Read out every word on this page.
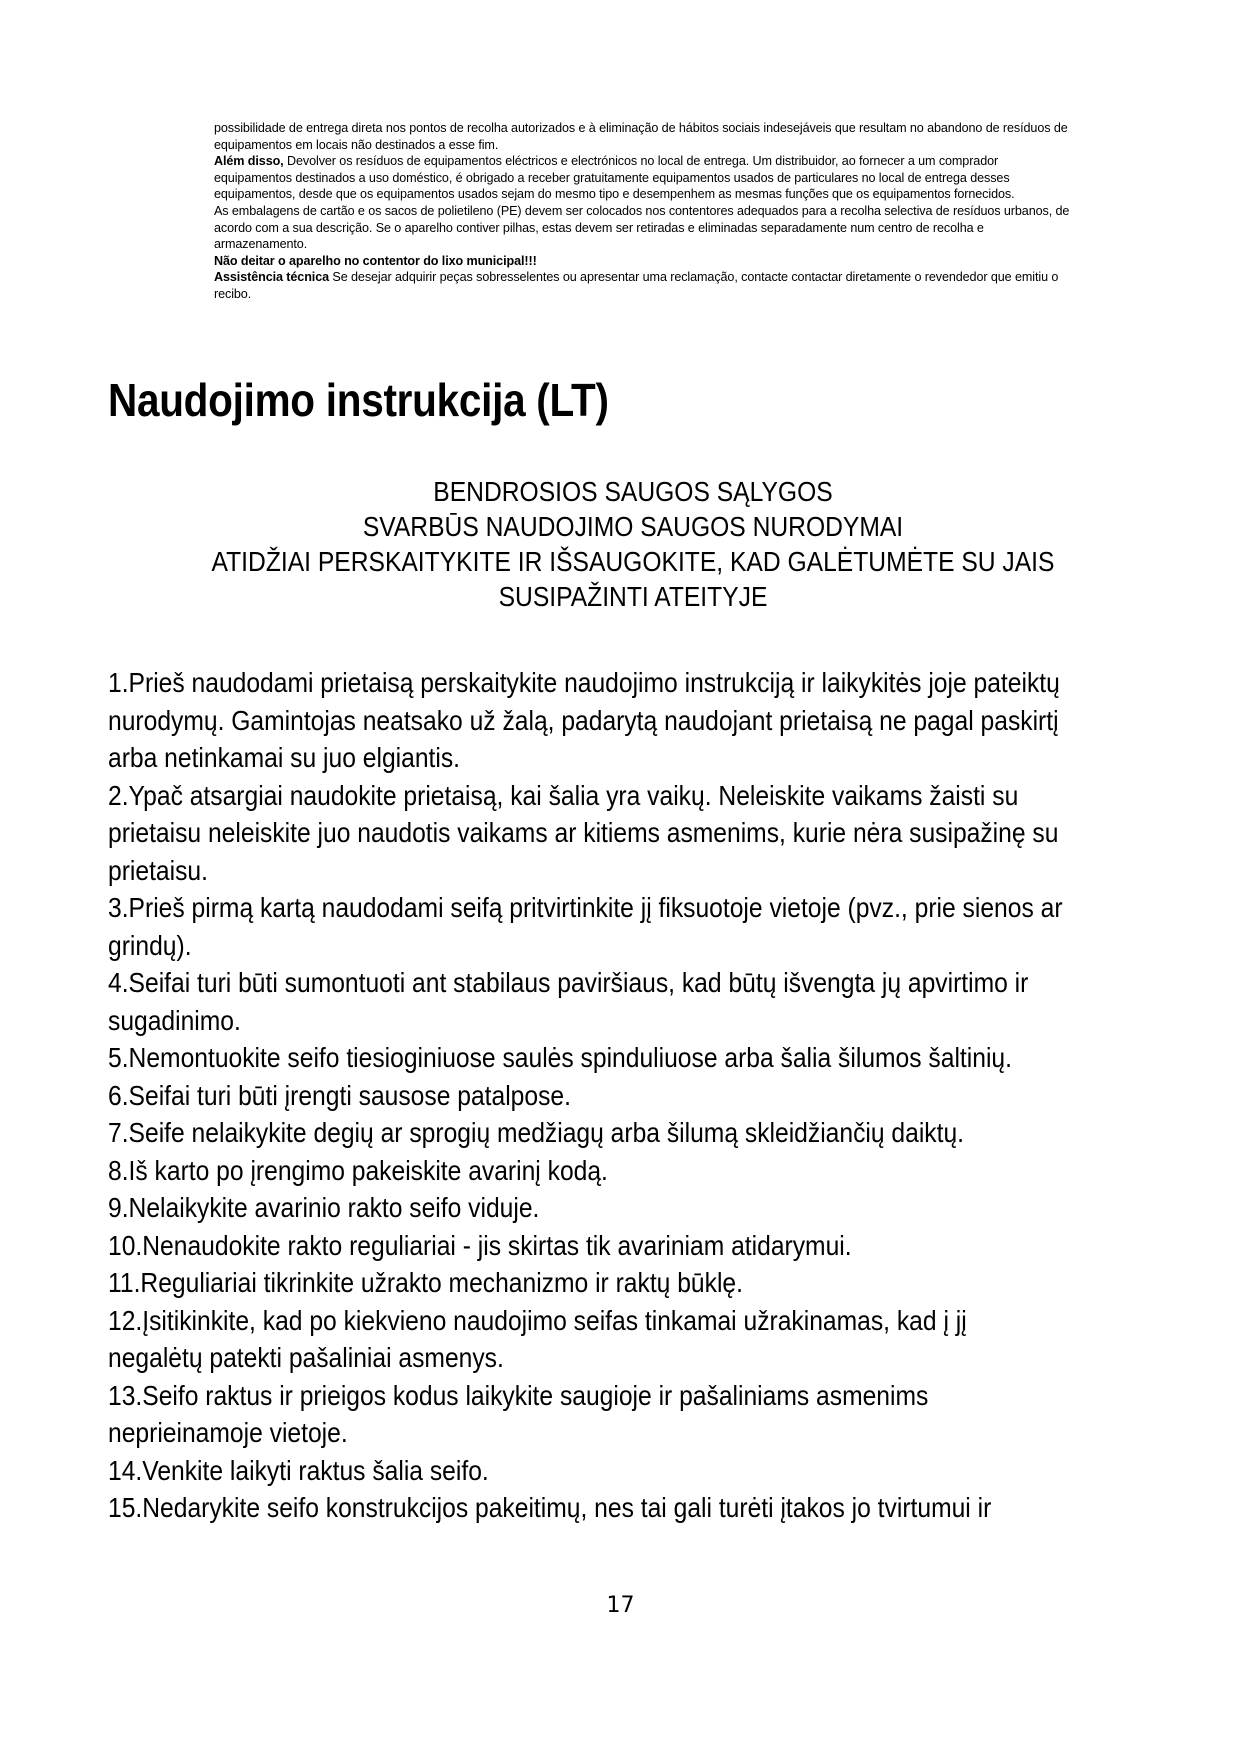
possibilidade de entrega direta nos pontos de recolha autorizados e à eliminação de hábitos sociais indesejáveis que resultam no abandono de resíduos de

equipamentos em locais não destinados a esse fim.

Além disso, Devolver os resíduos de equipamentos eléctricos e electrónicos no local de entrega. Um distribuidor, ao fornecer a um comprador

equipamentos destinados a uso doméstico, é obrigado a receber gratuitamente equipamentos usados de particulares no local de entrega desses

equipamentos, desde que os equipamentos usados sejam do mesmo tipo e desempenhem as mesmas funções que os equipamentos fornecidos.

As embalagens de cartão e os sacos de polietileno (PE) devem ser colocados nos contentores adequados para a recolha selectiva de resíduos urbanos, de

acordo com a sua descrição. Se o aparelho contiver pilhas, estas devem ser retiradas e eliminadas separadamente num centro de recolha e

armazenamento.

Não deitar o aparelho no contentor do lixo municipal!!!

Assistência técnica Se desejar adquirir peças sobresselentes ou apresentar uma reclamação, contacte contactar diretamente o revendedor que emitiu o

recibo.

Naudojimo instrukcija (LT)
BENDROSIOS SAUGOS SĄLYGOS
SVARBŪS NAUDOJIMO SAUGOS NURODYMAI
ATIDŽIAI PERSKAITYKITE IR IŠSAUGOKITE, KAD GALĖTUMĖTE SU JAIS
SUSIPAŽINTI ATEITYJE
1.Prieš naudodami prietaisą perskaitykite naudojimo instrukciją ir laikykitės joje pateiktų
nurodymų. Gamintojas neatsako už žalą, padarytą naudojant prietaisą ne pagal paskirtį
arba netinkamai su juo elgiantis.
2.Ypač atsargiai naudokite prietaisą, kai šalia yra vaikų. Neleiskite vaikams žaisti su
prietaisu neleiskite juo naudotis vaikams ar kitiems asmenims, kurie nėra susipažinę su
prietaisu.
3.Prieš pirmą kartą naudodami seifą pritvirtinkite jį fiksuotoje vietoje (pvz., prie sienos ar
grindų).
4.Seifai turi būti sumontuoti ant stabilaus paviršiaus, kad būtų išvengta jų apvirtimo ir
sugadinimo.
5.Nemontuokite seifo tiesioginiuose saulės spinduliuose arba šalia šilumos šaltinių.
6.Seifai turi būti įrengti sausose patalpose.
7.Seife nelaikykite degių ar sprogių medžiagų arba šilumą skleidžiančių daiktų.
8.Iš karto po įrengimo pakeiskite avarinį kodą.
9.Nelaikykite avarinio rakto seifo viduje.
10.Nenaudokite rakto reguliariai - jis skirtas tik avariniam atidarymui.
11.Reguliariai tikrinkite užrakto mechanizmo ir raktų būklę.
12.Įsitikinkite, kad po kiekvieno naudojimo seifas tinkamai užrakinamas, kad į jį
negalėtų patekti pašaliniai asmenys.
13.Seifo raktus ir prieigos kodus laikykite saugioje ir pašaliniams asmenims
neprieinamoje vietoje.
14.Venkite laikyti raktus šalia seifo.
15.Nedarykite seifo konstrukcijos pakeitimų, nes tai gali turėti įtakos jo tvirtumui ir
17
